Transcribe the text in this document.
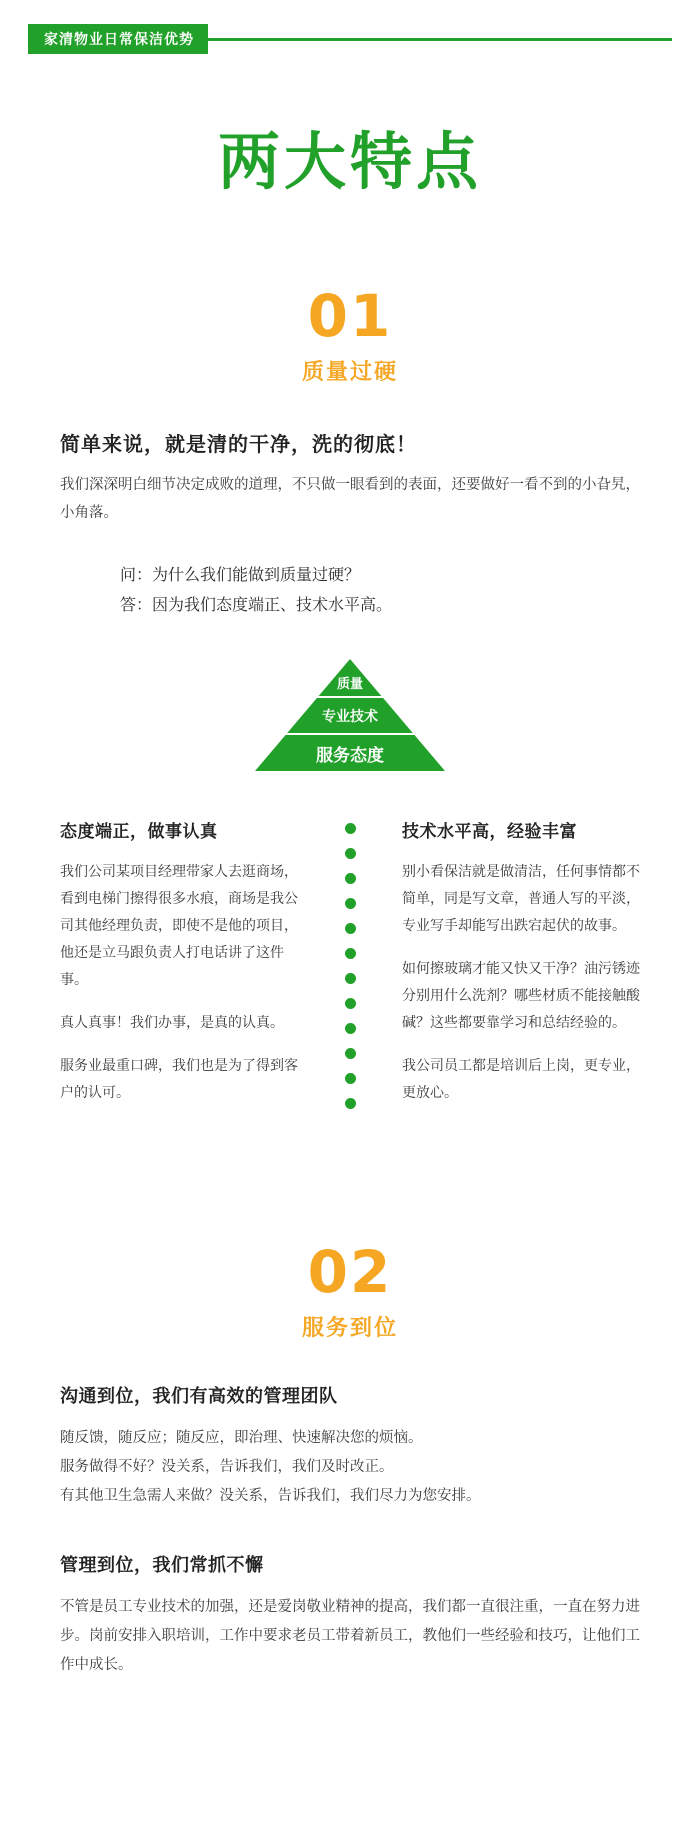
家清物业日常保洁优势
两大特点
01
质量过硬
简单来说，就是清的干净，洗的彻底！
我们深深明白细节决定成败的道理，不只做一眼看到的表面，还要做好一看不到的小旮旯，小角落。
问：为什么我们能做到质量过硬？
答：因为我们态度端正、技术水平高。
质量
专业技术
服务态度
态度端正，做事认真

我们公司某项目经理带家人去逛商场，看到电梯门擦得很多水痕，商场是我公司其他经理负责，即使不是他的项目，他还是立马跟负责人打电话讲了这件事。

真人真事！我们办事，是真的认真。

服务业最重口碑，我们也是为了得到客户的认可。

技术水平高，经验丰富

别小看保洁就是做清洁，任何事情都不简单，同是写文章，普通人写的平淡，专业写手却能写出跌宕起伏的故事。

如何擦玻璃才能又快又干净？油污锈迹分别用什么洗剂？哪些材质不能接触酸碱？这些都要靠学习和总结经验的。

我公司员工都是培训后上岗，更专业，更放心。

02
服务到位
沟通到位，我们有高效的管理团队
随反馈，随反应；随反应，即治理、快速解决您的烦恼。
服务做得不好？没关系，告诉我们，我们及时改正。
有其他卫生急需人来做？没关系，告诉我们，我们尽力为您安排。
管理到位，我们常抓不懈
不管是员工专业技术的加强，还是爱岗敬业精神的提高，我们都一直很注重，一直在努力进步。岗前安排入职培训，工作中要求老员工带着新员工，教他们一些经验和技巧，让他们工作中成长。
